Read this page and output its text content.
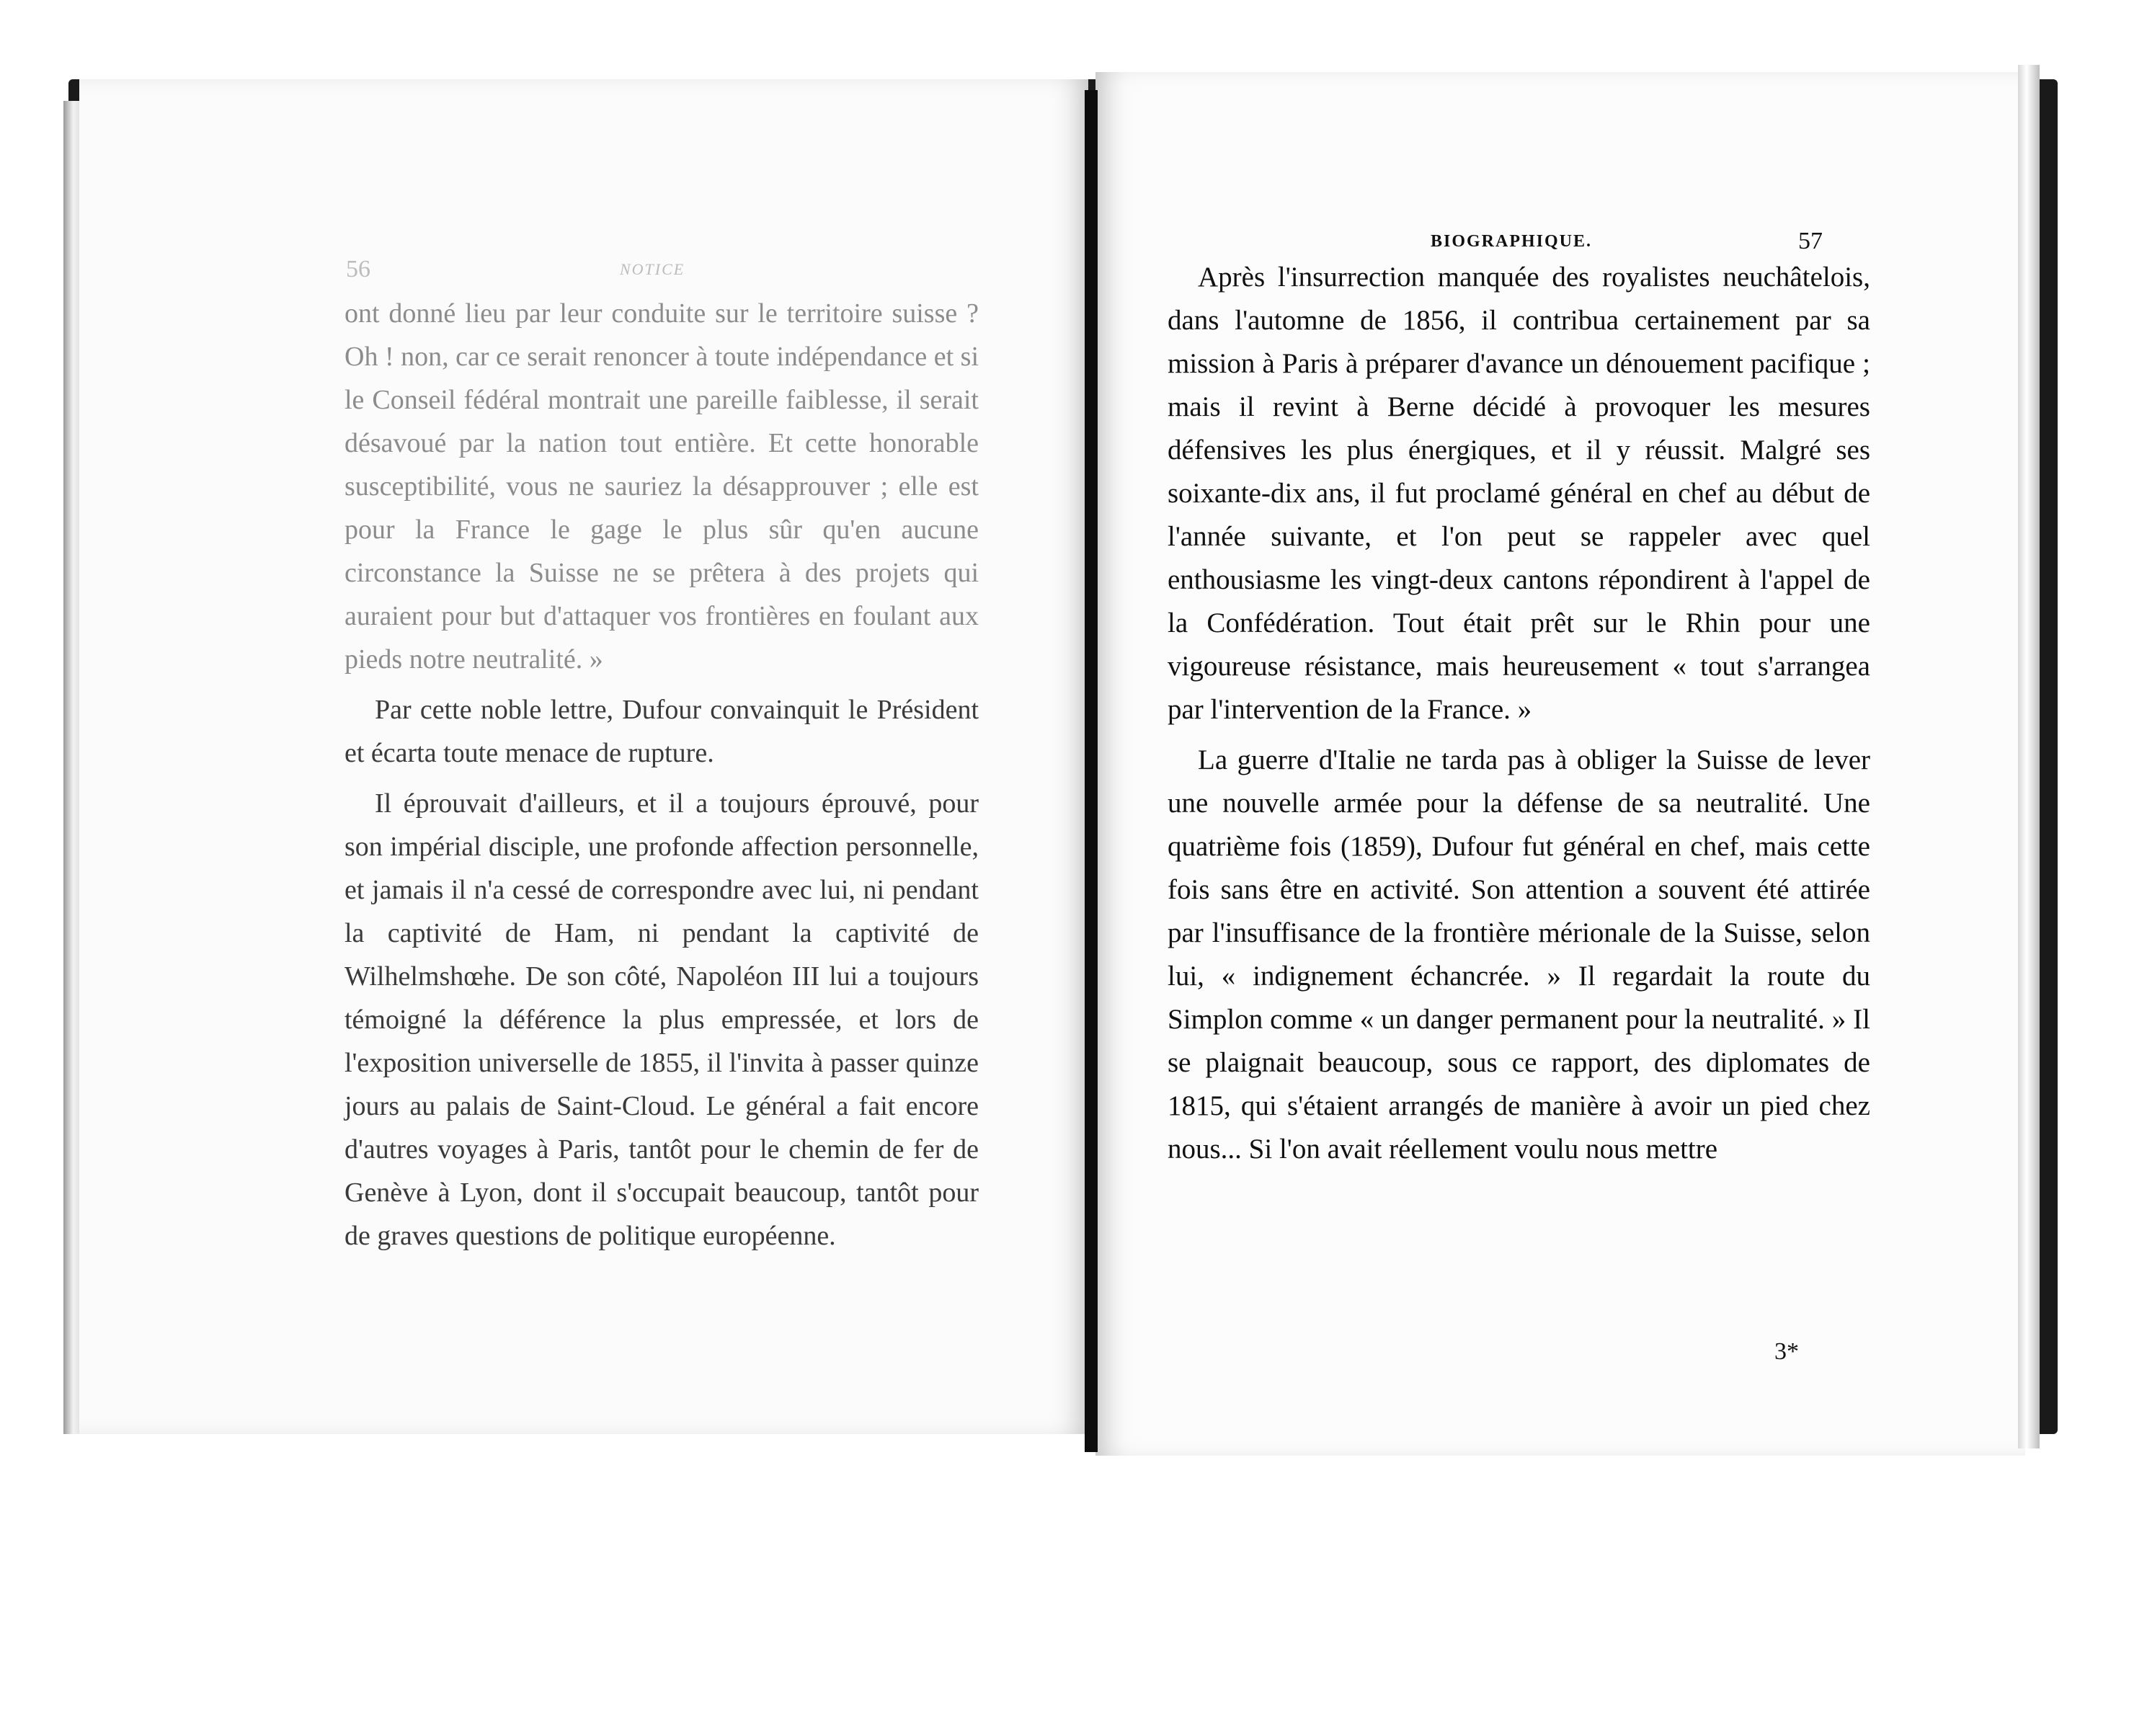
56	NOTICE

ont donné lieu par leur conduite sur le territoire suisse ? Oh ! non, car ce serait renoncer à toute indépendance et si le Conseil fédéral montrait une pareille faiblesse, il serait désavoué par la nation tout entière. Et cette honorable susceptibilité, vous ne sauriez la désapprouver ; elle est pour la France le gage le plus sûr qu'en aucune circonstance la Suisse ne se prêtera à des projets qui auraient pour but d'attaquer vos frontières en foulant aux pieds notre neutralité. »

Par cette noble lettre, Dufour convainquit le Président et écarta toute menace de rupture.

Il éprouvait d'ailleurs, et il a toujours éprouvé, pour son impérial disciple, une profonde affection personnelle, et jamais il n'a cessé de correspondre avec lui, ni pendant la captivité de Ham, ni pendant la captivité de Wilhelmshœhe. De son côté, Napoléon III lui a toujours témoigné la déférence la plus empressée, et lors de l'exposition universelle de 1855, il l'invita à passer quinze jours au palais de Saint-Cloud. Le général a fait encore d'autres voyages à Paris, tantôt pour le chemin de fer de Genève à Lyon, dont il s'occupait beaucoup, tantôt pour de graves questions de politique européenne.

BIOGRAPHIQUE.	57

Après l'insurrection manquée des royalistes neuchâtelois, dans l'automne de 1856, il contribua certainement par sa mission à Paris à préparer d'avance un dénouement pacifique ; mais il revint à Berne décidé à provoquer les mesures défensives les plus énergiques, et il y réussit. Malgré ses soixante-dix ans, il fut proclamé général en chef au début de l'année suivante, et l'on peut se rappeler avec quel enthousiasme les vingt-deux cantons répondirent à l'appel de la Confédération. Tout était prêt sur le Rhin pour une vigoureuse résistance, mais heureusement « tout s'arrangea par l'intervention de la France. »

La guerre d'Italie ne tarda pas à obliger la Suisse de lever une nouvelle armée pour la défense de sa neutralité. Une quatrième fois (1859), Dufour fut général en chef, mais cette fois sans être en activité. Son attention a souvent été attirée par l'insuffisance de la frontière mérionale de la Suisse, selon lui, « indignement échancrée. » Il regardait la route du Simplon comme « un danger permanent pour la neutralité. » Il se plaignait beaucoup, sous ce rapport, des diplomates de 1815, qui s'étaient arrangés de manière à avoir un pied chez nous... Si l'on avait réellement voulu nous mettre

3*
